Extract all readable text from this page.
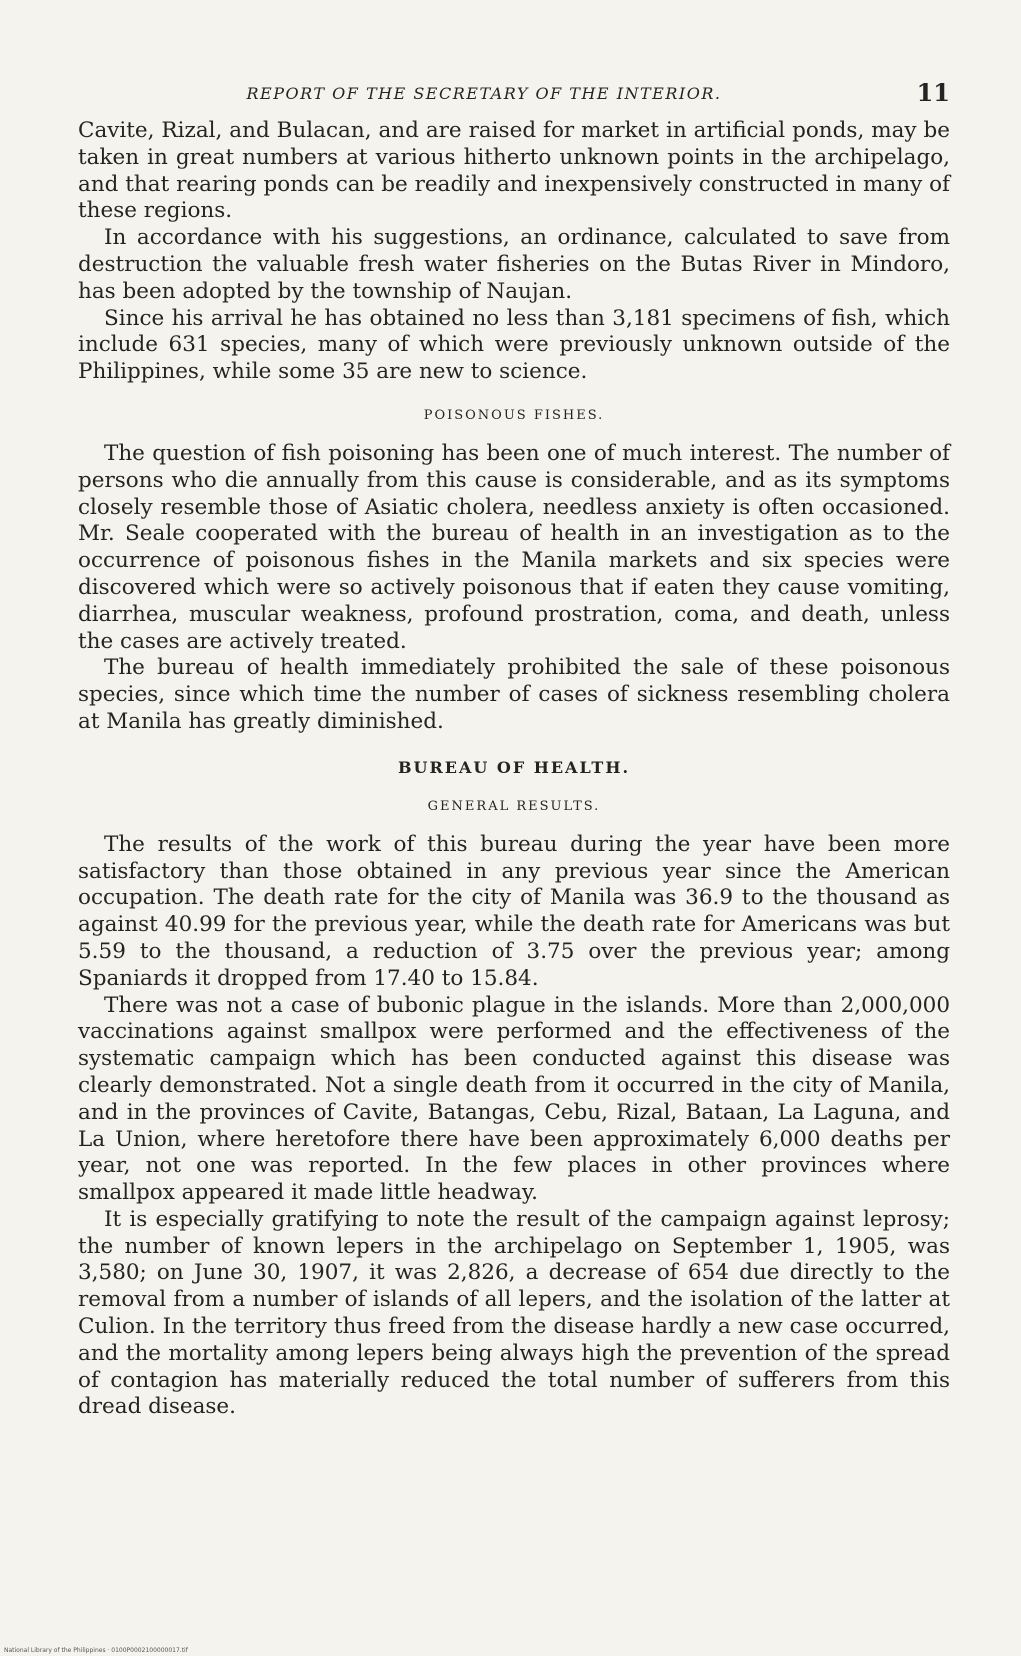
REPORT OF THE SECRETARY OF THE INTERIOR.	11

Cavite, Rizal, and Bulacan, and are raised for market in artificial ponds, may be taken in great numbers at various hitherto unknown points in the archipelago, and that rearing ponds can be readily and inexpensively constructed in many of these regions.

In accordance with his suggestions, an ordinance, calculated to save from destruction the valuable fresh water fisheries on the Butas River in Mindoro, has been adopted by the township of Naujan.

Since his arrival he has obtained no less than 3,181 specimens of fish, which include 631 species, many of which were previously unknown outside of the Philippines, while some 35 are new to science.

POISONOUS FISHES.

The question of fish poisoning has been one of much interest. The number of persons who die annually from this cause is considerable, and as its symptoms closely resemble those of Asiatic cholera, needless anxiety is often occasioned. Mr. Seale cooperated with the bureau of health in an investigation as to the occurrence of poisonous fishes in the Manila markets and six species were discovered which were so actively poisonous that if eaten they cause vomiting, diarrhea, muscular weakness, profound prostration, coma, and death, unless the cases are actively treated.

The bureau of health immediately prohibited the sale of these poisonous species, since which time the number of cases of sickness resembling cholera at Manila has greatly diminished.

BUREAU OF HEALTH.
GENERAL RESULTS.

The results of the work of this bureau during the year have been more satisfactory than those obtained in any previous year since the American occupation. The death rate for the city of Manila was 36.9 to the thousand as against 40.99 for the previous year, while the death rate for Americans was but 5.59 to the thousand, a reduction of 3.75 over the previous year; among Spaniards it dropped from 17.40 to 15.84.

There was not a case of bubonic plague in the islands. More than 2,000,000 vaccinations against smallpox were performed and the effectiveness of the systematic campaign which has been conducted against this disease was clearly demonstrated. Not a single death from it occurred in the city of Manila, and in the provinces of Cavite, Batangas, Cebu, Rizal, Bataan, La Laguna, and La Union, where heretofore there have been approximately 6,000 deaths per year, not one was reported. In the few places in other provinces where smallpox appeared it made little headway.

It is especially gratifying to note the result of the campaign against leprosy; the number of known lepers in the archipelago on September 1, 1905, was 3,580; on June 30, 1907, it was 2,826, a decrease of 654 due directly to the removal from a number of islands of all lepers, and the isolation of the latter at Culion. In the territory thus freed from the disease hardly a new case occurred, and the mortality among lepers being always high the prevention of the spread of contagion has materially reduced the total number of sufferers from this dread disease.

National Library of the Philippines · 0100P0002100000017.tif
